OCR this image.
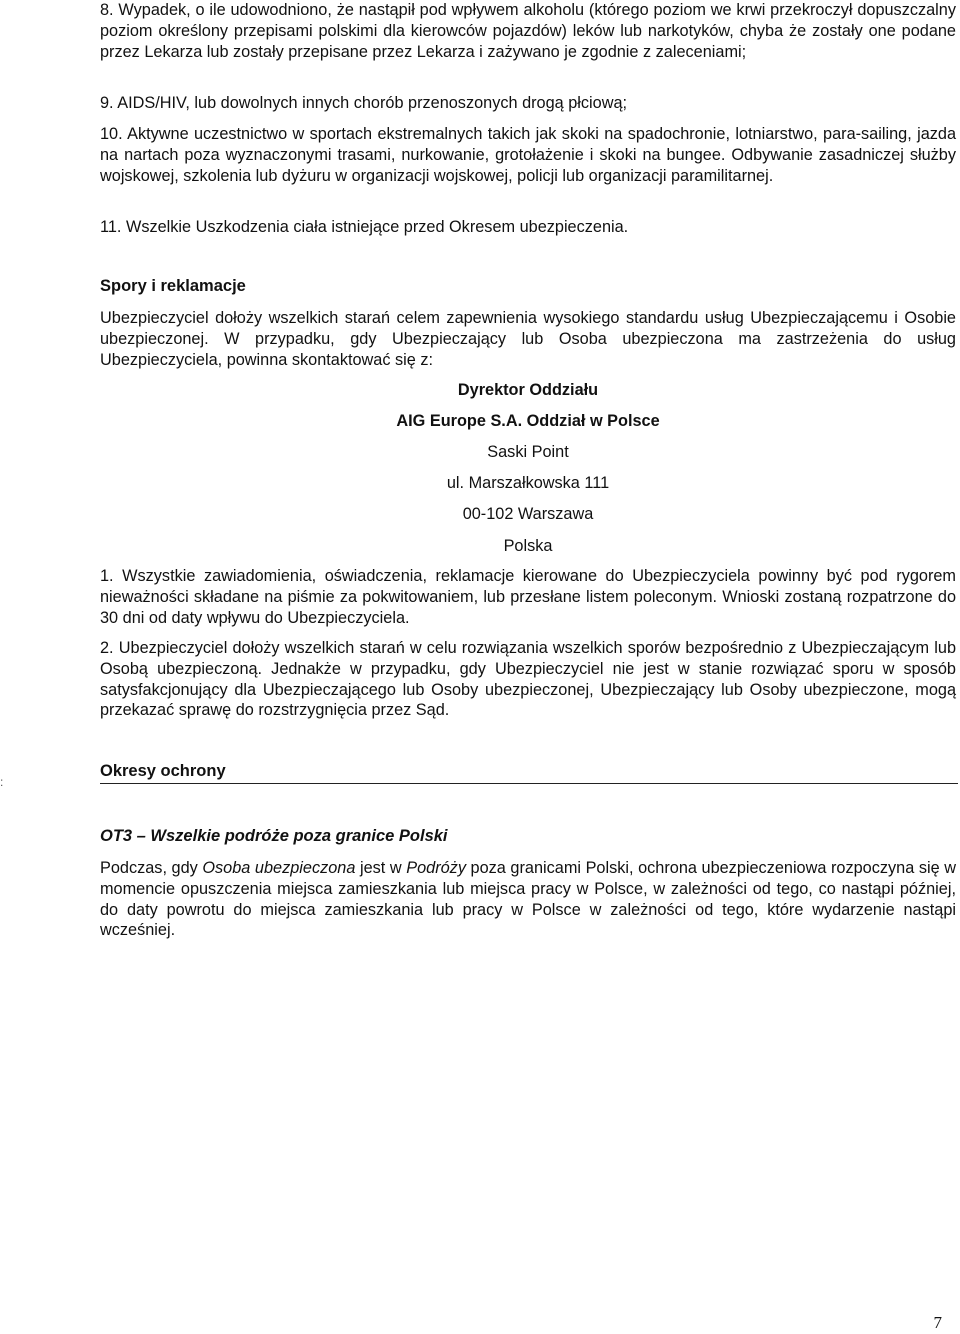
8. Wypadek, o ile udowodniono, że nastąpił pod wpływem alkoholu (którego poziom we krwi przekroczył dopuszczalny poziom określony przepisami polskimi dla kierowców pojazdów) leków lub narkotyków, chyba że zostały one podane przez Lekarza lub zostały przepisane przez Lekarza i zażywano je zgodnie z zaleceniami;
9. AIDS/HIV, lub dowolnych innych chorób przenoszonych drogą płciową;
10. Aktywne uczestnictwo w sportach ekstremalnych takich jak skoki na spadochronie, lotniarstwo, para-sailing, jazda na nartach poza wyznaczonymi trasami, nurkowanie, grotołażenie i skoki na bungee. Odbywanie zasadniczej służby wojskowej, szkolenia lub dyżuru w organizacji wojskowej, policji lub organizacji paramilitarnej.
11. Wszelkie Uszkodzenia ciała istniejące przed Okresem ubezpieczenia.
Spory i reklamacje
Ubezpieczyciel dołoży wszelkich starań celem zapewnienia wysokiego standardu usług Ubezpieczającemu i Osobie ubezpieczonej. W przypadku, gdy Ubezpieczający lub Osoba ubezpieczona ma zastrzeżenia do usług Ubezpieczyciela, powinna skontaktować się z:
Dyrektor Oddziału
AIG Europe S.A. Oddział w Polsce
Saski Point
ul. Marszałkowska 111
00-102 Warszawa
Polska
1. Wszystkie zawiadomienia, oświadczenia, reklamacje kierowane do Ubezpieczyciela powinny być pod rygorem nieważności składane na piśmie za pokwitowaniem, lub przesłane listem poleconym. Wnioski zostaną rozpatrzone do 30 dni od daty wpływu do Ubezpieczyciela.
2. Ubezpieczyciel dołoży wszelkich starań w celu rozwiązania wszelkich sporów bezpośrednio z Ubezpieczającym lub Osobą ubezpieczoną. Jednakże w przypadku, gdy Ubezpieczyciel nie jest w stanie rozwiązać sporu w sposób satysfakcjonujący dla Ubezpieczającego lub Osoby ubezpieczonej, Ubezpieczający lub Osoby ubezpieczone, mogą przekazać sprawę do rozstrzygnięcia przez Sąd.
Okresy ochrony
:
OT3 – Wszelkie podróże poza granice Polski
Podczas, gdy Osoba ubezpieczona jest w Podróży poza granicami Polski, ochrona ubezpieczeniowa rozpoczyna się w momencie opuszczenia miejsca zamieszkania lub miejsca pracy w Polsce, w zależności od tego, co nastąpi później, do daty powrotu do miejsca zamieszkania lub pracy w Polsce w zależności od tego, które wydarzenie nastąpi wcześniej.
7
